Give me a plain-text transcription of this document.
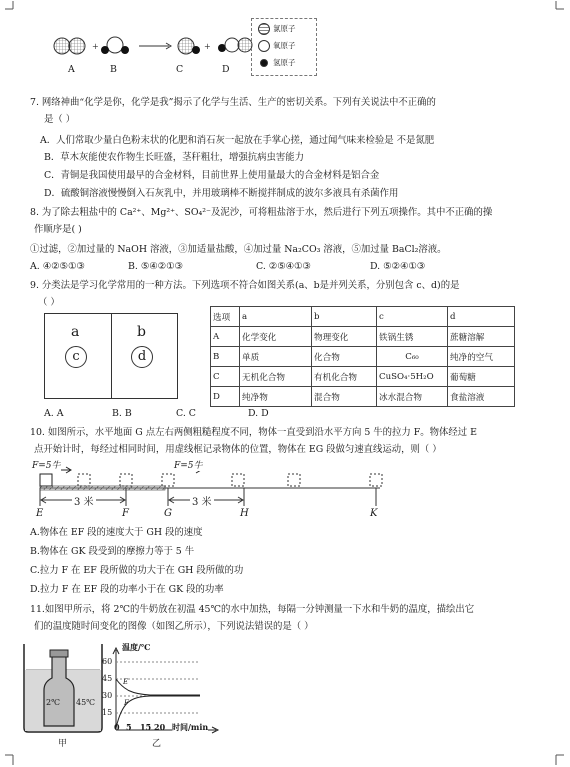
+	+
A	B	C	D
氯原子
氧原子
氢原子
7. 网络神曲“化学是你，化学是我”揭示了化学与生活、生产的密切关系。下列有关说法中不正确的
是（ ）
A．人们常取少量白色粉末状的化肥和消石灰一起放在手掌心搓，通过闻气味来检验是 不是氮肥
B．草木灰能使农作物生长旺盛，茎秆粗壮，增强抗病虫害能力
C．青铜是我国使用最早的合金材料，目前世界上使用量最大的合金材料是铝合金
D．硫酸铜溶液慢慢倒入石灰乳中，并用玻璃棒不断搅拌制成的波尔多液具有杀菌作用
8. 为了除去粗盐中的 Ca²⁺、Mg²⁺、SO₄²⁻及泥沙，可将粗盐溶于水，然后进行下列五项操作。其中不正确的操
作顺序是( )
①过滤，②加过量的 NaOH 溶液，③加适量盐酸，④加过量 Na₂CO₃ 溶液，⑤加过量 BaCl₂溶液。
A. ④②⑤①③	B. ⑤④②①③	C. ②⑤④①③	D. ⑤②④①③
9. 分类法是学习化学常用的一种方法。下列选项不符合如图关系(a、b是并列关系，分别包含 c、d)的是
（ ）
a
c
b
d
选项	a	b	c	d
A	化学变化	物理变化	铁锅生锈	蔗糖溶解
B	单质	化合物	C₆₀	纯净的空气
C	无机化合物	有机化合物	CuSO₄·5H₂O	葡萄糖
D	纯净物	混合物	冰水混合物	食盐溶液
A. A	B. B	C. C	D. D
10. 如图所示，水平地面 G 点左右两侧粗糙程度不同，物体一直受到沿水平方向 5 牛的拉力 F。物体经过 E
点开始计时，每经过相同时间，用虚线框记录物体的位置，物体在 EG 段做匀速直线运动，则（ ）
F=5牛	F=5牛
3 米	3 米
E	F	G	H	K
A.物体在 EF 段的速度大于 GH 段的速度
B.物体在 GK 段受到的摩擦力等于 5 牛
C.拉力 F 在 EF 段所做的功大于在 GH 段所做的功
D.拉力 F 在 EF 段的功率小于在 GK 段的功率
11.如图甲所示，将 2℃的牛奶放在初温 45℃的水中加热，每隔一分钟测量一下水和牛奶的温度，描绘出它
们的温度随时间变化的图像（如图乙所示），下列说法错误的是（ ）
2℃ 45℃
甲	乙
温度/℃
时间/min
60
45
30
15
0 5 15 20
E
F
